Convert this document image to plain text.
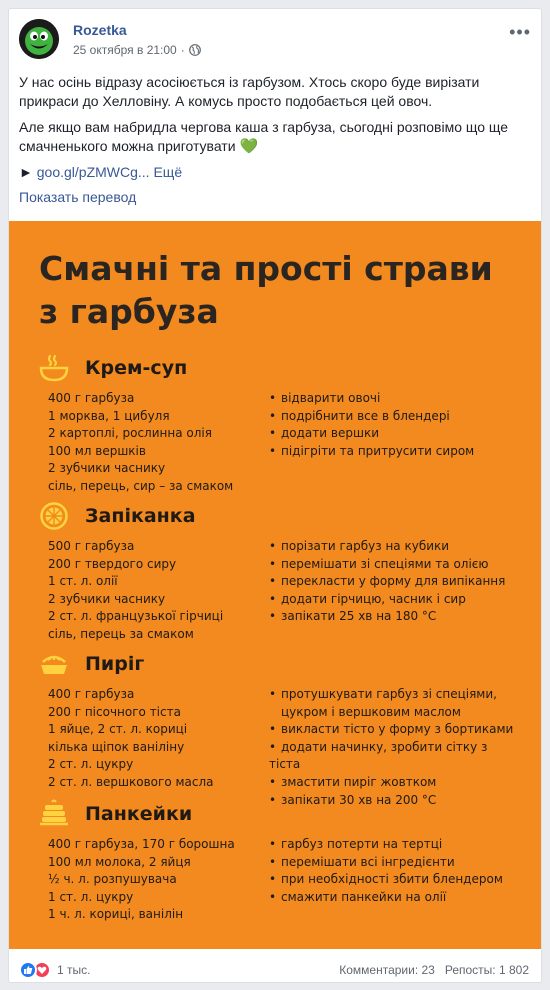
Rozetka
25 октября в 21:00 ·
•••

У нас осінь відразу асосіюється із гарбузом. Хтось скоро буде вирізати прикраси до Хелловіну. А комусь просто подобається цей овоч.

Але якщо вам набридла чергова каша з гарбуза, сьогодні розповімо що ще смачненького можна приготувати 💚

► goo.gl/pZMWCg... Ещё

Показать перевод
Смачні та прості страви
з гарбуза
Крем-суп
400 г гарбуза
1 морква, 1 цибуля
2 картоплі, рослинна олія
100 мл вершків
2 зубчики часнику
сіль, перець, сир – за смаком
• відварити овочі
• подрібнити все в блендері
• додати вершки
• підігріти та притрусити сиром
Запіканка
500 г гарбуза
200 г твердого сиру
1 ст. л. олії
2 зубчики часнику
2 ст. л. французької гірчиці
сіль, перець за смаком
• порізати гарбуз на кубики
• перемішати зі спеціями та олією
• перекласти у форму для випікання
• додати гірчицю, часник і сир
• запікати 25 хв на 180 °С
Пиріг
400 г гарбуза
200 г пісочного тіста
1 яйце, 2 ст. л. кориці
кілька щіпок ваніліну
2 ст. л. цукру
2 ст. л. вершкового масла
• протушкувати гарбуз зі спеціями,
цукром і вершковим маслом
• викласти тісто у форму з бортиками
• додати начинку, зробити сітку з тіста
• змастити пиріг жовтком
• запікати 30 хв на 200 °С
Панкейки
400 г гарбуза, 170 г борошна
100 мл молока, 2 яйця
½ ч. л. розпушувача
1 ст. л. цукру
1 ч. л. кориці, ванілін
• гарбуз потерти на тертці
• перемішати всі інгредієнти
• при необхідності збити блендером
• смажити панкейки на олії
1 тыс.	Комментарии: 23 Репосты: 1 802
